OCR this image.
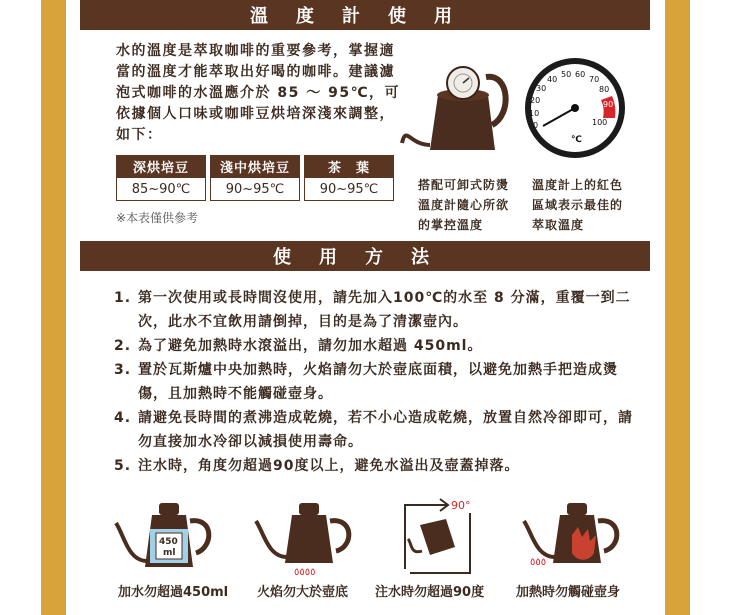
溫度計使用
水的溫度是萃取咖啡的重要參考，掌握適
當的溫度才能萃取出好喝的咖啡。建議濾
泡式咖啡的水溫應介於 85 ～ 95℃，可
依據個人口味或咖啡豆烘培深淺來調整，
如下：
深烘培豆	淺中烘培豆	茶　葉
85~90℃	90~95℃	90~95℃
※本表僅供參考
0
10
20
30
40
50 60
70
80
90
100
℃
搭配可卸式防燙
溫度計隨心所欲
的掌控溫度
溫度計上的紅色
區域表示最佳的
萃取溫度
使用方法
1. 第一次使用或長時間沒使用，請先加入100℃的水至 8 分滿，重覆一到二次，此水不宜飲用請倒掉，目的是為了清潔壺內。
2. 為了避免加熱時水滾溢出，請勿加水超過 450ml。
3. 置於瓦斯爐中央加熱時，火焰請勿大於壺底面積，以避免加熱手把造成燙傷，且加熱時不能觸碰壺身。
4. 請避免長時間的煮沸造成乾燒，若不小心造成乾燒，放置自然冷卻即可，請勿直接加水冷卻以減損使用壽命。
5. 注水時，角度勿超過90度以上，避免水溢出及壺蓋掉落。
450
ml
٥٥٥٥
90°
٥٥٥
加水勿超過450ml 火焰勿大於壺底 注水時勿超過90度 加熱時勿觸碰壺身
